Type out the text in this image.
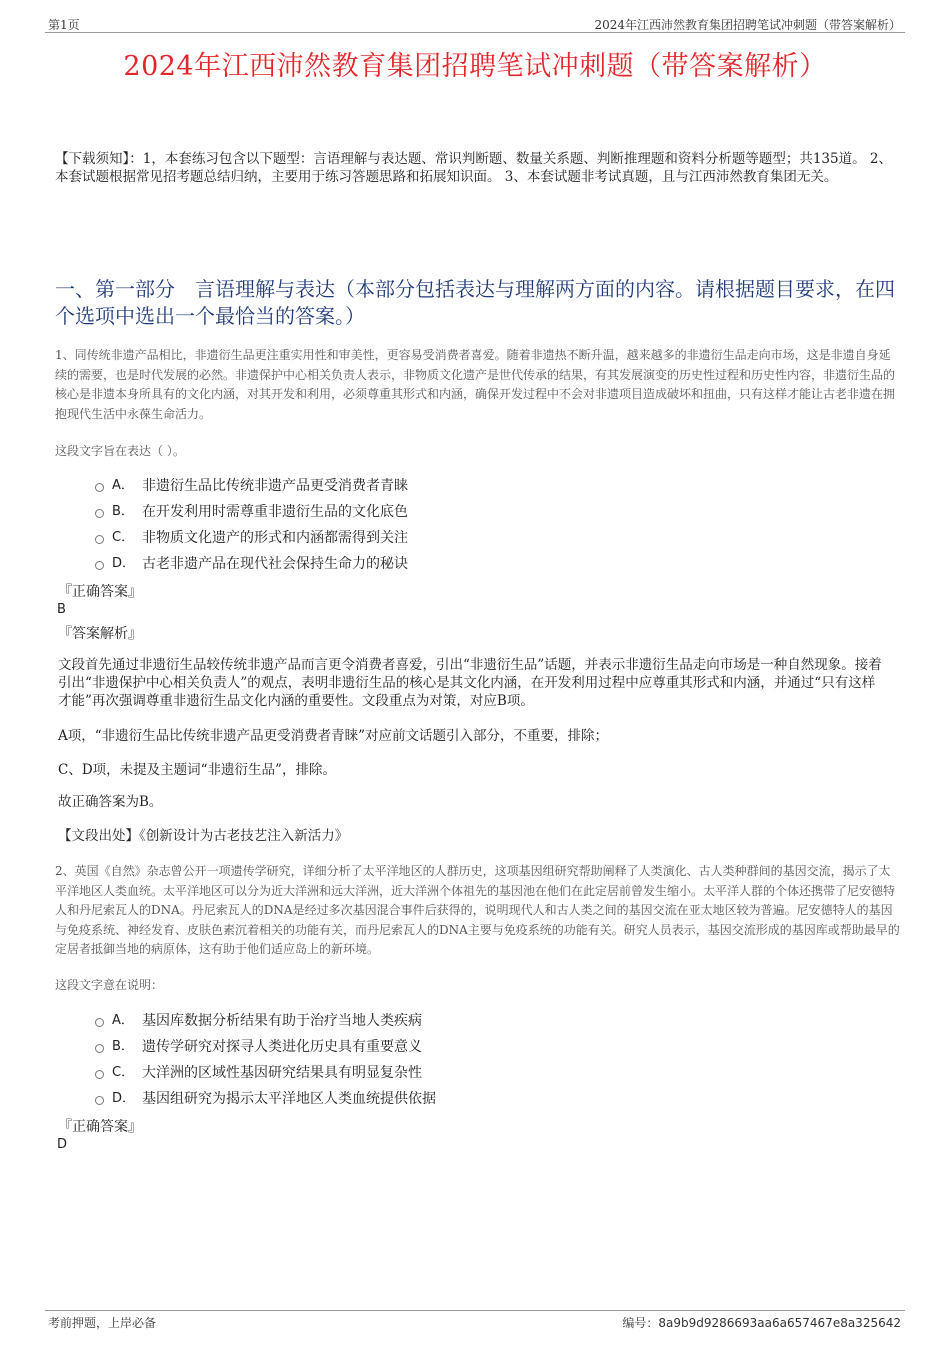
第1页	2024年江西沛然教育集团招聘笔试冲刺题（带答案解析）
2024年江西沛然教育集团招聘笔试冲刺题（带答案解析）
【下载须知】：1，本套练习包含以下题型：言语理解与表达题、常识判断题、数量关系题、判断推理题和资料分析题等题型；共135道。 2、本套试题根据常见招考题总结归纳，主要用于练习答题思路和拓展知识面。 3、本套试题非考试真题，且与江西沛然教育集团无关。
一、第一部分　言语理解与表达（本部分包括表达与理解两方面的内容。请根据题目要求，在四个选项中选出一个最恰当的答案。）
1、同传统非遗产品相比，非遗衍生品更注重实用性和审美性，更容易受消费者喜爱。随着非遗热不断升温，越来越多的非遗衍生品走向市场，这是非遗自身延续的需要，也是时代发展的必然。非遗保护中心相关负责人表示，非物质文化遗产是世代传承的结果，有其发展演变的历史性过程和历史性内容，非遗衍生品的核心是非遗本身所具有的文化内涵，对其开发和利用，必须尊重其形式和内涵，确保开发过程中不会对非遗项目造成破坏和扭曲，只有这样才能让古老非遗在拥抱现代生活中永葆生命活力。
这段文字旨在表达（ ）。
A． 非遗衍生品比传统非遗产品更受消费者青睐
B． 在开发利用时需尊重非遗衍生品的文化底色
C． 非物质文化遗产的形式和内涵都需得到关注
D． 古老非遗产品在现代社会保持生命力的秘诀
『正确答案』
B
『答案解析』
文段首先通过非遗衍生品较传统非遗产品而言更令消费者喜爱，引出“非遗衍生品”话题，并表示非遗衍生品走向市场是一种自然现象。接着引出“非遗保护中心相关负责人”的观点，表明非遗衍生品的核心是其文化内涵，在开发利用过程中应尊重其形式和内涵，并通过“只有这样才能”再次强调尊重非遗衍生品文化内涵的重要性。文段重点为对策，对应B项。
A项，“非遗衍生品比传统非遗产品更受消费者青睐”对应前文话题引入部分，不重要，排除；
C、D项，未提及主题词“非遗衍生品”，排除。
故正确答案为B。
【文段出处】《创新设计为古老技艺注入新活力》
2、英国《自然》杂志曾公开一项遗传学研究，详细分析了太平洋地区的人群历史，这项基因组研究帮助阐释了人类演化、古人类种群间的基因交流，揭示了太平洋地区人类血统。太平洋地区可以分为近大洋洲和远大洋洲，近大洋洲个体祖先的基因池在他们在此定居前曾发生缩小。太平洋人群的个体还携带了尼安德特人和丹尼索瓦人的DNA。丹尼索瓦人的DNA是经过多次基因混合事件后获得的，说明现代人和古人类之间的基因交流在亚太地区较为普遍。尼安德特人的基因与免疫系统、神经发育、皮肤色素沉着相关的功能有关，而丹尼索瓦人的DNA主要与免疫系统的功能有关。研究人员表示，基因交流形成的基因库或帮助最早的定居者抵御当地的病原体，这有助于他们适应岛上的新环境。
这段文字意在说明：
A． 基因库数据分析结果有助于治疗当地人类疾病
B． 遗传学研究对探寻人类进化历史具有重要意义
C． 大洋洲的区域性基因研究结果具有明显复杂性
D． 基因组研究为揭示太平洋地区人类血统提供依据
『正确答案』
D
考前押题，上岸必备	编号：8a9b9d9286693aa6a657467e8a325642
